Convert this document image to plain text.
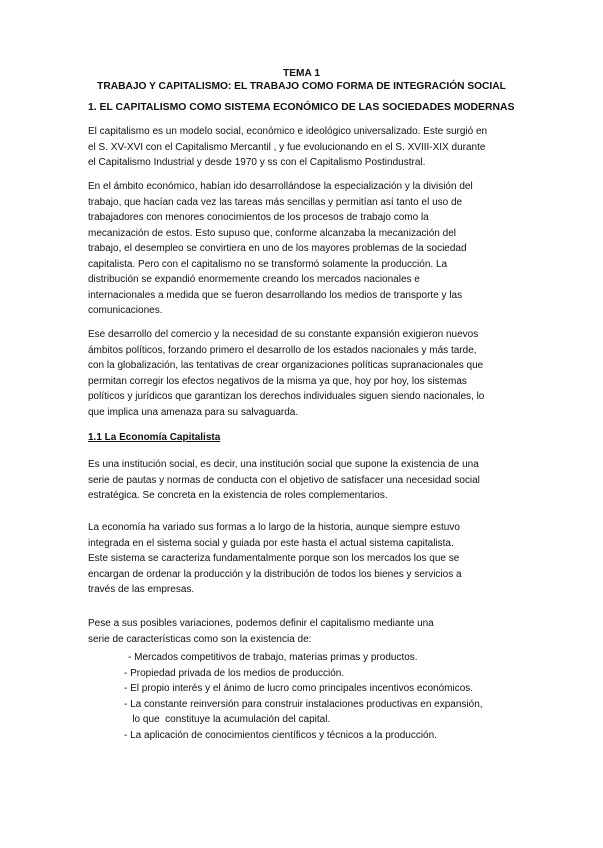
TEMA 1
TRABAJO Y CAPITALISMO: EL TRABAJO COMO FORMA DE INTEGRACIÓN SOCIAL
1. EL CAPITALISMO COMO SISTEMA ECONÓMICO DE LAS SOCIEDADES MODERNAS
El capitalismo es un modelo social, económico e ideológico universalizado. Este surgió en
el S. XV-XVI con el Capitalismo Mercantil , y fue evolucionando en el S. XVIII-XIX durante
el Capitalismo Industrial y desde 1970 y ss con el Capitalismo Postindustral.
En el ámbito económico, habían ido desarrollándose la especialización y la división del
trabajo, que hacían cada vez las tareas más sencillas y permitían así tanto el uso de
trabajadores con menores conocimientos de los procesos de trabajo como la
mecanización de estos. Esto supuso que, conforme alcanzaba la mecanización del
trabajo, el desempleo se convirtiera en uno de los mayores problemas de la sociedad
capitalista. Pero con el capitalismo no se transformó solamente la producción. La
distribución se expandió enormemente creando los mercados nacionales e
internacionales a medida que se fueron desarrollando los medios de transporte y las
comunicaciones.
Ese desarrollo del comercio y la necesidad de su constante expansión exigieron nuevos
ámbitos políticos, forzando primero el desarrollo de los estados nacionales y más tarde,
con la globalización, las tentativas de crear organizaciones políticas supranacionales que
permitan corregir los efectos negativos de la misma ya que, hoy por hoy, los sistemas
políticos y jurídicos que garantizan los derechos individuales siguen siendo nacionales, lo
que implica una amenaza para su salvaguarda.
1.1 La Economía Capitalista
Es una institución social, es decir, una institución social que supone la existencia de una
serie de pautas y normas de conducta con el objetivo de satisfacer una necesidad social
estratégica. Se concreta en la existencia de roles complementarios.
La economía ha variado sus formas a lo largo de la historia, aunque siempre estuvo
integrada en el sistema social y guiada por este hasta el actual sistema capitalista.
Este sistema se caracteriza fundamentalmente porque son los mercados los que se
encargan de ordenar la producción y la distribución de todos los bienes y servicios a
través de las empresas.
Pese a sus posibles variaciones, podemos definir el capitalismo mediante una
serie de características como son la existencia de:
- Mercados competitivos de trabajo, materias primas y productos.
- Propiedad privada de los medios de producción.
- El propio interés y el ánimo de lucro como principales incentivos económicos.
- La constante reinversión para construir instalaciones productivas en expansión,
lo que  constituye la acumulación del capital.
- La aplicación de conocimientos científicos y técnicos a la producción.
